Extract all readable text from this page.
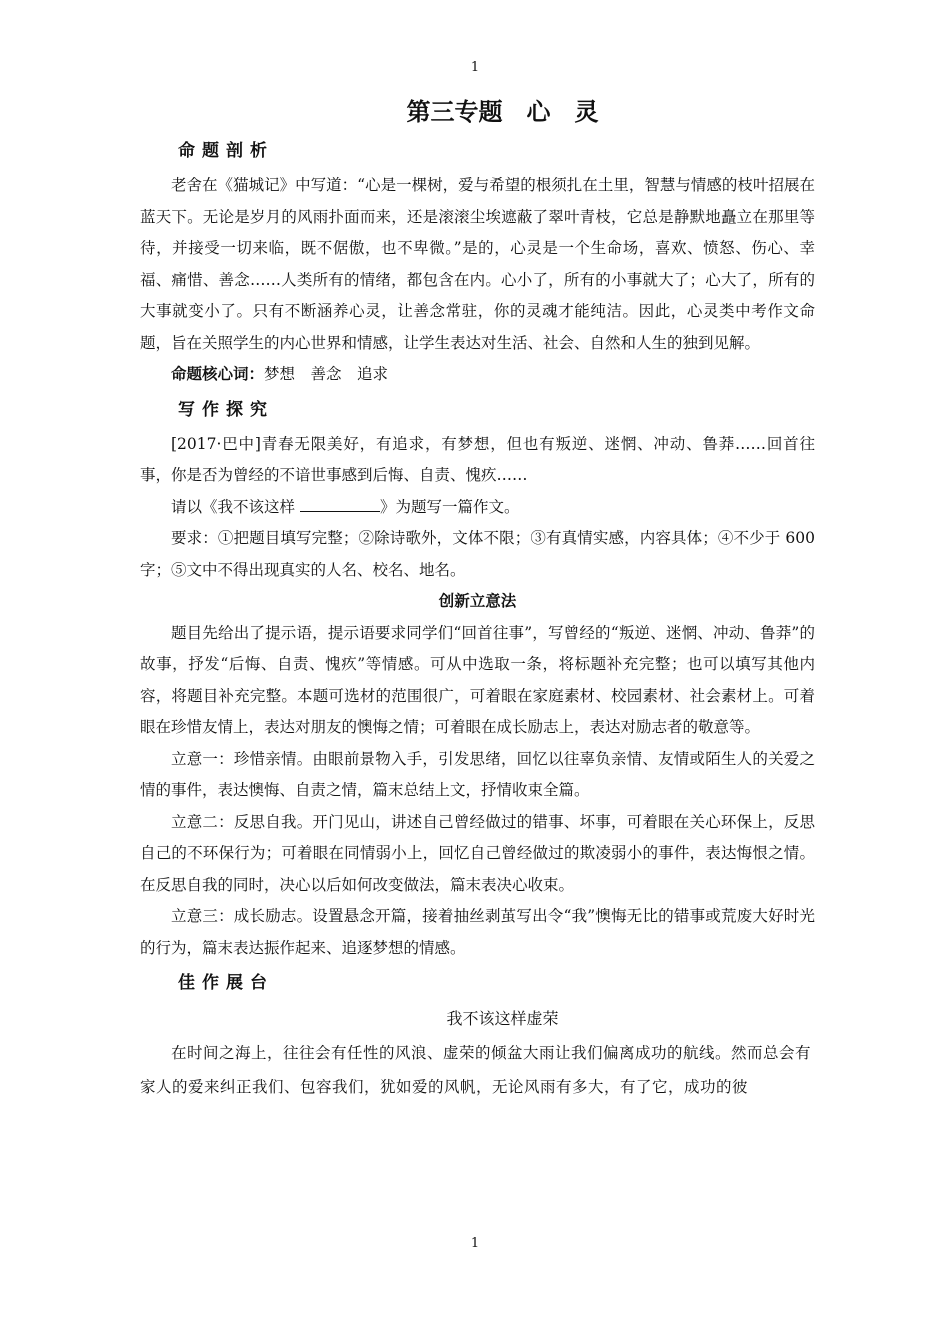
1
第三专题　心　灵
命题剖析

老舍在《猫城记》中写道：“心是一棵树，爱与希望的根须扎在土里，智慧与情感的枝叶招展在蓝天下。无论是岁月的风雨扑面而来，还是滚滚尘埃遮蔽了翠叶青枝，它总是静默地矗立在那里等待，并接受一切来临，既不倨傲，也不卑微。”是的，心灵是一个生命场，喜欢、愤怒、伤心、幸福、痛惜、善念……人类所有的情绪，都包含在内。心小了，所有的小事就大了；心大了，所有的大事就变小了。只有不断涵养心灵，让善念常驻，你的灵魂才能纯洁。因此，心灵类中考作文命题，旨在关照学生的内心世界和情感，让学生表达对生活、社会、自然和人生的独到见解。

命题核心词：梦想　善念　追求

写作探究

[2017·巴中]青春无限美好，有追求，有梦想，但也有叛逆、迷惘、冲动、鲁莽……回首往事，你是否为曾经的不谙世事感到后悔、自责、愧疚……

请以《我不该这样	》为题写一篇作文。

要求：①把题目填写完整；②除诗歌外，文体不限；③有真情实感，内容具体；④不少于 600 字；⑤文中不得出现真实的人名、校名、地名。

创新立意法

题目先给出了提示语，提示语要求同学们“回首往事”，写曾经的“叛逆、迷惘、冲动、鲁莽”的故事，抒发“后悔、自责、愧疚”等情感。可从中选取一条，将标题补充完整；也可以填写其他内容，将题目补充完整。本题可选材的范围很广，可着眼在家庭素材、校园素材、社会素材上。可着眼在珍惜友情上，表达对朋友的懊悔之情；可着眼在成长励志上，表达对励志者的敬意等。

立意一：珍惜亲情。由眼前景物入手，引发思绪，回忆以往辜负亲情、友情或陌生人的关爱之情的事件，表达懊悔、自责之情，篇末总结上文，抒情收束全篇。

立意二：反思自我。开门见山，讲述自己曾经做过的错事、坏事，可着眼在关心环保上，反思自己的不环保行为；可着眼在同情弱小上，回忆自己曾经做过的欺凌弱小的事件，表达悔恨之情。在反思自我的同时，决心以后如何改变做法，篇末表决心收束。

立意三：成长励志。设置悬念开篇，接着抽丝剥茧写出令“我”懊悔无比的错事或荒废大好时光的行为，篇末表达振作起来、追逐梦想的情感。

佳作展台

我不该这样虚荣

在时间之海上，往往会有任性的风浪、虚荣的倾盆大雨让我们偏离成功的航线。然而总会有家人的爱来纠正我们、包容我们，犹如爱的风帆，无论风雨有多大，有了它，成功的彼

1
